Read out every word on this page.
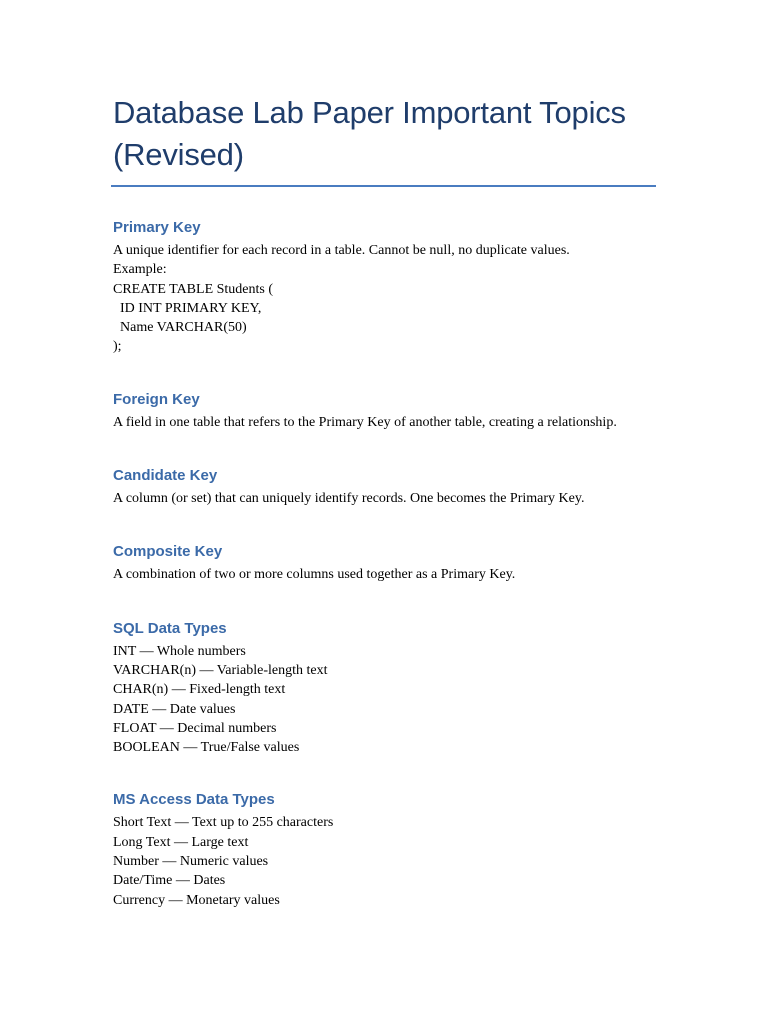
Database Lab Paper Important Topics
(Revised)
Primary Key

A unique identifier for each record in a table. Cannot be null, no duplicate values.

Example:

CREATE TABLE Students (

ID INT PRIMARY KEY,

Name VARCHAR(50)

);

Foreign Key

A field in one table that refers to the Primary Key of another table, creating a relationship.

Candidate Key

A column (or set) that can uniquely identify records. One becomes the Primary Key.

Composite Key

A combination of two or more columns used together as a Primary Key.

SQL Data Types

INT — Whole numbers

VARCHAR(n) — Variable-length text

CHAR(n) — Fixed-length text

DATE — Date values

FLOAT — Decimal numbers

BOOLEAN — True/False values

MS Access Data Types

Short Text — Text up to 255 characters

Long Text — Large text

Number — Numeric values

Date/Time — Dates

Currency — Monetary values
